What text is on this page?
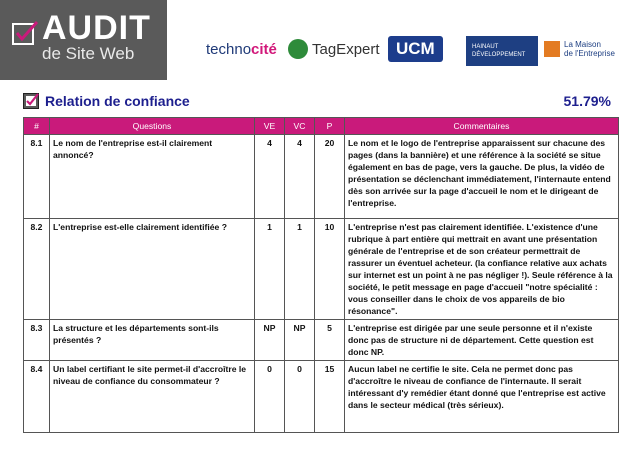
AUDIT
de Site Web	techno cité TagExpert UCM	HAINAUT DÉVELOPPEMENT
La Maison
de l'Entreprise
Relation de confiance	51.79%
#	Questions	VE	VC	P	Commentaires
8.1	Le nom de l'entreprise est-il clairement annoncé?	4	4	20	Le nom et le logo de l'entreprise apparaissent sur chacune des pages (dans la bannière) et une référence à la société se situe également en bas de page, vers la gauche. De plus, la vidéo de présentation se déclenchant immédiatement, l'internaute entend dès son arrivée sur la page d'accueil le nom et le dirigeant de l'entreprise.
8.2	L'entreprise est-elle clairement identifiée ?	1	1	10	L'entreprise n'est pas clairement identifiée. L'existence d'une rubrique à part entière qui mettrait en avant une présentation générale de l'entreprise et de son créateur permettrait de rassurer un éventuel acheteur. (la confiance relative aux achats sur internet est un point à ne pas négliger !). Seule référence à la société, le petit message en page d'accueil "notre spécialité : vous conseiller dans le choix de vos appareils de bio résonance".
8.3	La structure et les départements sont-ils présentés ?	NP	NP	5	L'entreprise est dirigée par une seule personne et il n'existe donc pas de structure ni de département. Cette question est donc NP.
8.4	Un label certifiant le site permet-il d'accroître le niveau de confiance du consommateur ?	0	0	15	Aucun label ne certifie le site. Cela ne permet donc pas d'accroître le niveau de confiance de l'internaute. Il serait intéressant d'y remédier étant donné que l'entreprise est active dans le secteur médical (très sérieux).
